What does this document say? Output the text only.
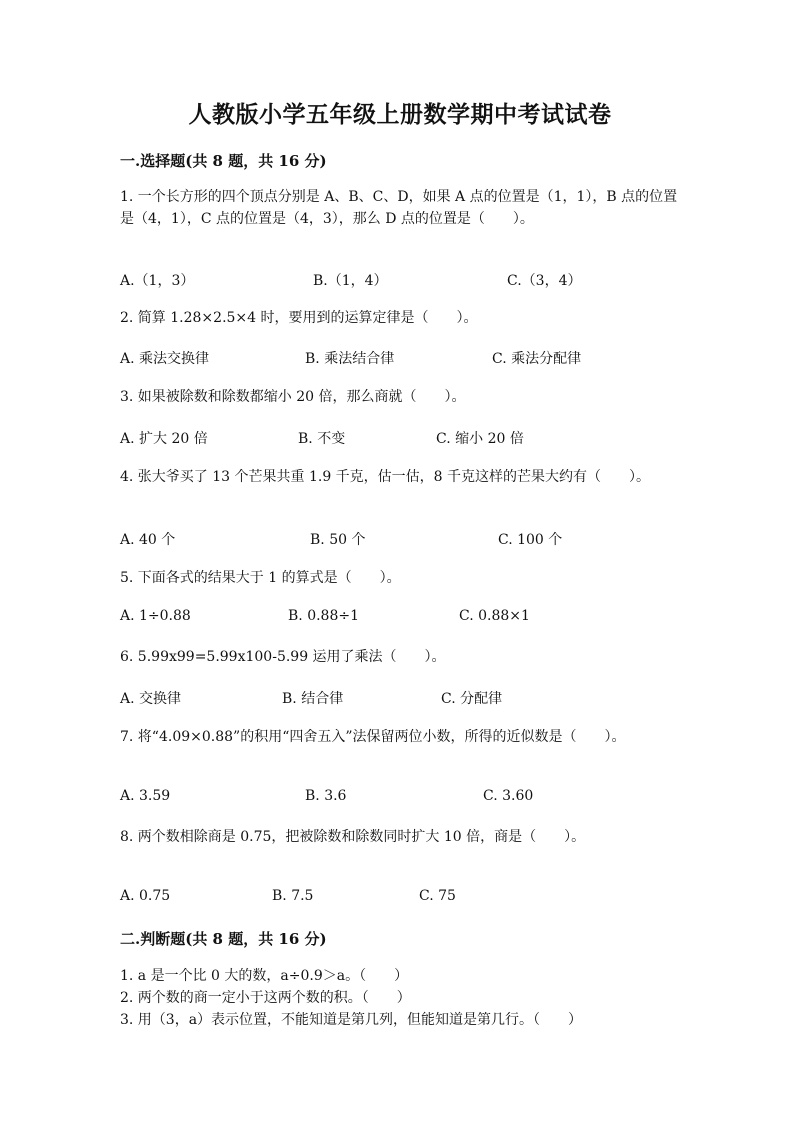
人教版小学五年级上册数学期中考试试卷
一.选择题(共 8 题，共 16 分)
1. 一个长方形的四个顶点分别是 A、B、C、D，如果 A 点的位置是（1，1），B 点的位置是（4，1），C 点的位置是（4，3），那么 D 点的位置是（　　）。
A.（1，3）	B.（1，4）	C.（3，4）
2. 简算 1.28×2.5×4 时，要用到的运算定律是（　　）。
A. 乘法交换律	B. 乘法结合律	C. 乘法分配律
3. 如果被除数和除数都缩小 20 倍，那么商就（　　）。
A. 扩大 20 倍	B. 不变	C. 缩小 20 倍
4. 张大爷买了 13 个芒果共重 1.9 千克，估一估，8 千克这样的芒果大约有（　　）。
A. 40 个	B. 50 个	C. 100 个
5. 下面各式的结果大于 1 的算式是（　　）。
A. 1÷0.88	B. 0.88÷1	C. 0.88×1
6. 5.99x99=5.99x100-5.99 运用了乘法（　　）。
A. 交换律	B. 结合律	C. 分配律
7. 将“4.09×0.88”的积用“四舍五入”法保留两位小数，所得的近似数是（　　）。
A. 3.59	B. 3.6	C. 3.60
8. 两个数相除商是 0.75，把被除数和除数同时扩大 10 倍，商是（　　）。
A. 0.75	B. 7.5	C. 75
二.判断题(共 8 题，共 16 分)
1. a 是一个比 0 大的数，a÷0.9＞a。（　　）
2. 两个数的商一定小于这两个数的积。（　　）
3. 用（3，a）表示位置，不能知道是第几列，但能知道是第几行。（　　）
